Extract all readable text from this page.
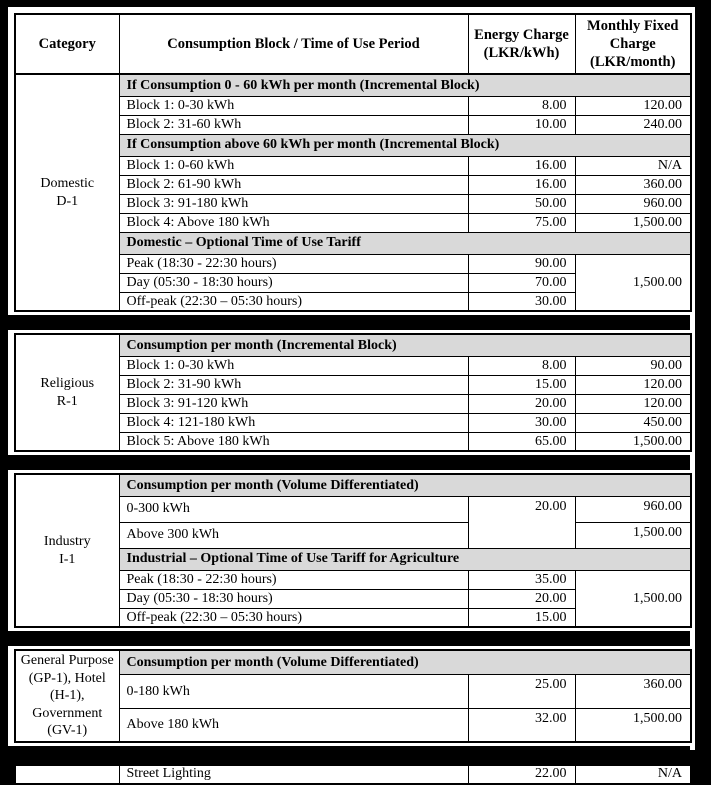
Category	Consumption Block / Time of Use Period	Energy Charge (LKR/kWh)	Monthly Fixed Charge (LKR/month)
Domestic
D-1	If Consumption 0 - 60 kWh per month (Incremental Block)		
	Block 1: 0-30 kWh	8.00	120.00
	Block 2: 31-60 kWh	10.00	240.00
	If Consumption above 60 kWh per month (Incremental Block)		
	Block 1: 0-60 kWh	16.00	N/A
	Block 2: 61-90 kWh	16.00	360.00
	Block 3: 91-180 kWh	50.00	960.00
	Block 4: Above 180 kWh	75.00	1,500.00
	Domestic – Optional Time of Use Tariff		
	Peak (18:30 - 22:30 hours)	90.00	1,500.00
	Day (05:30 - 18:30 hours)	70.00	
	Off-peak (22:30 – 05:30 hours)	30.00	
Religious
R-1	Consumption per month (Incremental Block)		
	Block 1: 0-30 kWh	8.00	90.00
	Block 2: 31-90 kWh	15.00	120.00
	Block 3: 91-120 kWh	20.00	120.00
	Block 4: 121-180 kWh	30.00	450.00
	Block 5: Above 180 kWh	65.00	1,500.00
Industry
I-1	Consumption per month (Volume Differentiated)		
	0-300 kWh	20.00	960.00
	Above 300 kWh		1,500.00
	Industrial – Optional Time of Use Tariff for Agriculture		
	Peak (18:30 - 22:30 hours)	35.00	1,500.00
	Day (05:30 - 18:30 hours)	20.00	
	Off-peak (22:30 – 05:30 hours)	15.00	
General Purpose
(GP-1), Hotel
(H-1),
Government
(GV-1)	Consumption per month (Volume Differentiated)		
	0-180 kWh	25.00	360.00
	Above 180 kWh	32.00	1,500.00
	Street Lighting	22.00	N/A
